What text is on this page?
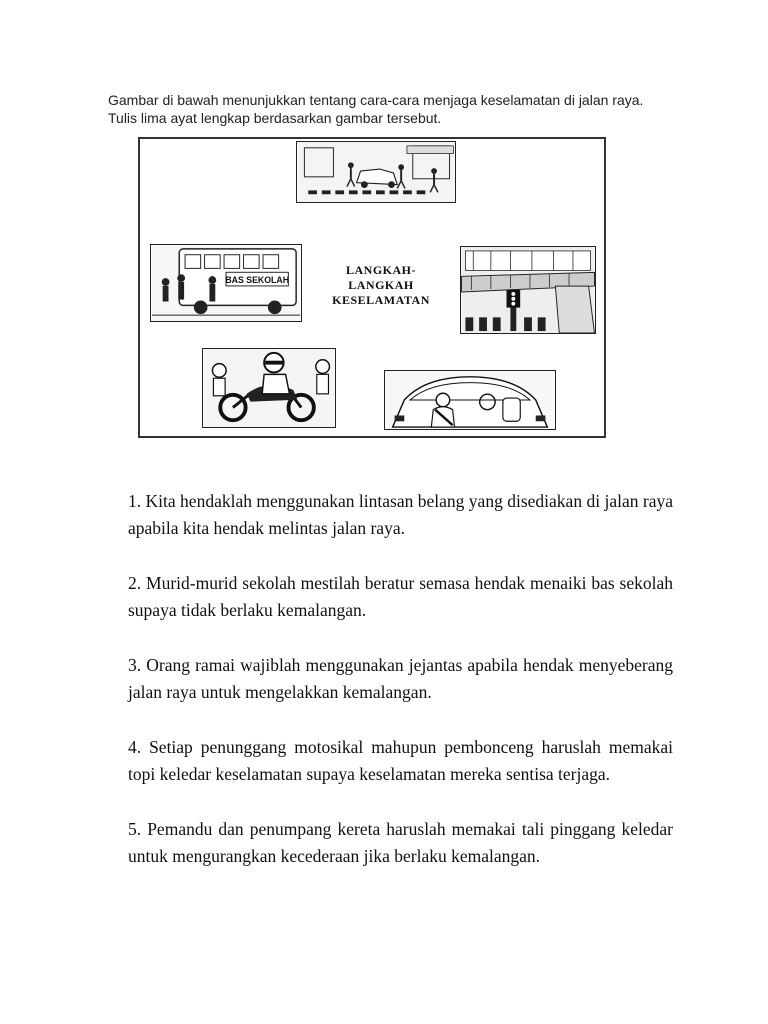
Gambar di bawah menunjukkan tentang cara-cara menjaga keselamatan di jalan raya. Tulis lima ayat lengkap berdasarkan gambar tersebut.

BAS SEKOLAH
LANGKAH-
LANGKAH
KESELAMATAN

1. Kita hendaklah menggunakan lintasan belang yang disediakan di jalan raya apabila kita hendak melintas jalan raya.

2. Murid-murid sekolah mestilah beratur semasa hendak menaiki bas sekolah supaya tidak berlaku kemalangan.

3. Orang ramai wajiblah menggunakan jejantas apabila hendak menyeberang jalan raya untuk mengelakkan kemalangan.

4. Setiap penunggang motosikal mahupun pembonceng haruslah memakai topi keledar keselamatan supaya keselamatan mereka sentisa terjaga.

5. Pemandu dan penumpang kereta haruslah memakai tali pinggang keledar untuk mengurangkan kecederaan jika berlaku kemalangan.
